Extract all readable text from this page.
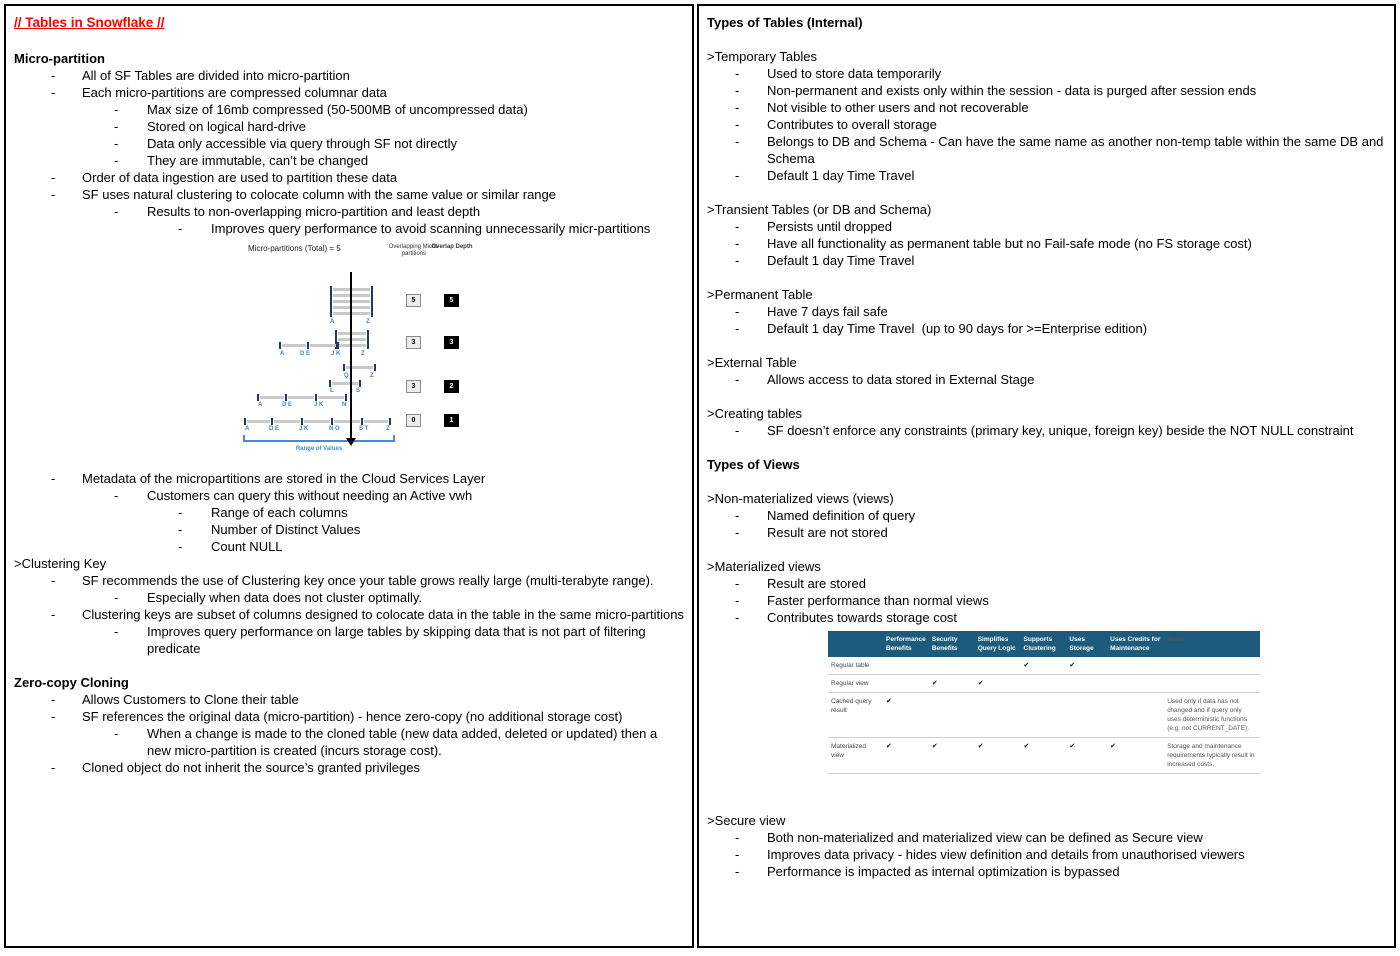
// Tables in Snowflake //
Micro-partition
-	All of SF Tables are divided into micro-partition
-	Each micro-partitions are compressed columnar data
-	Max size of 16mb compressed (50-500MB of uncompressed data)
-	Stored on logical hard-drive
-	Data only accessible via query through SF not directly
-	They are immutable, can’t be changed
-	Order of data ingestion are used to partition these data
-	SF uses natural clustering to colocate column with the same value or similar range
-	Results to non-overlapping micro-partition and least depth
-	Improves query performance to avoid scanning unnecessarily micr-partitions
Micro-partitions (Total) = 5	Overlapping Micro-partitions
Overlap Depth
A	Z
5	5
A	D E	J K	Z
3	3
Q	Z
L	S
A	D E	J K	N
3	2
A	D E	J K	N O	S T	Z
0	1
Range of Values
-	Metadata of the micropartitions are stored in the Cloud Services Layer
-	Customers can query this without needing an Active vwh
-	Range of each columns
-	Number of Distinct Values
-	Count NULL
>Clustering Key
-	SF recommends the use of Clustering key once your table grows really large (multi-terabyte range).
-	Especially when data does not cluster optimally.
-	Clustering keys are subset of columns designed to colocate data in the table in the same micro-partitions
-	Improves query performance on large tables by skipping data that is not part of filtering predicate
Zero-copy Cloning
-	Allows Customers to Clone their table
-	SF references the original data (micro-partition) - hence zero-copy (no additional storage cost)
-	When a change is made to the cloned table (new data added, deleted or updated) then a new micro-partition is created (incurs storage cost).
-	Cloned object do not inherit the source’s granted privileges
Types of Tables (Internal)
>Temporary Tables
-	Used to store data temporarily
-	Non-permanent and exists only within the session - data is purged after session ends
-	Not visible to other users and not recoverable
-	Contributes to overall storage
-	Belongs to DB and Schema - Can have the same name as another non-temp table within the same DB and Schema
-	Default 1 day Time Travel
>Transient Tables (or DB and Schema)
-	Persists until dropped
-	Have all functionality as permanent table but no Fail-safe mode (no FS storage cost)
-	Default 1 day Time Travel
>Permanent Table
-	Have 7 days fail safe
-	Default 1 day Time Travel  (up to 90 days for >=Enterprise edition)
>External Table
-	Allows access to data stored in External Stage
>Creating tables
-	SF doesn’t enforce any constraints (primary key, unique, foreign key) beside the NOT NULL constraint
Types of Views
>Non-materialized views (views)
-	Named definition of query
-	Result are not stored
>Materialized views
-	Result are stored
-	Faster performance than normal views
-	Contributes towards storage cost
	Performance Benefits	Security Benefits	Simplifies Query Logic	Supports Clustering	Uses Storage	Uses Credits for Maintenance	Notes
Regular table				✔	✔		
Regular view		✔	✔				
Cached query result	✔						Used only if data has not changed and if query only uses deterministic functions (e.g. not CURRENT_DATE).
Materialized view	✔	✔	✔	✔	✔	✔	Storage and maintenance requirements typically result in increased costs.
>Secure view
-	Both non-materialized and materialized view can be defined as Secure view
-	Improves data privacy - hides view definition and details from unauthorised viewers
-	Performance is impacted as internal optimization is bypassed
